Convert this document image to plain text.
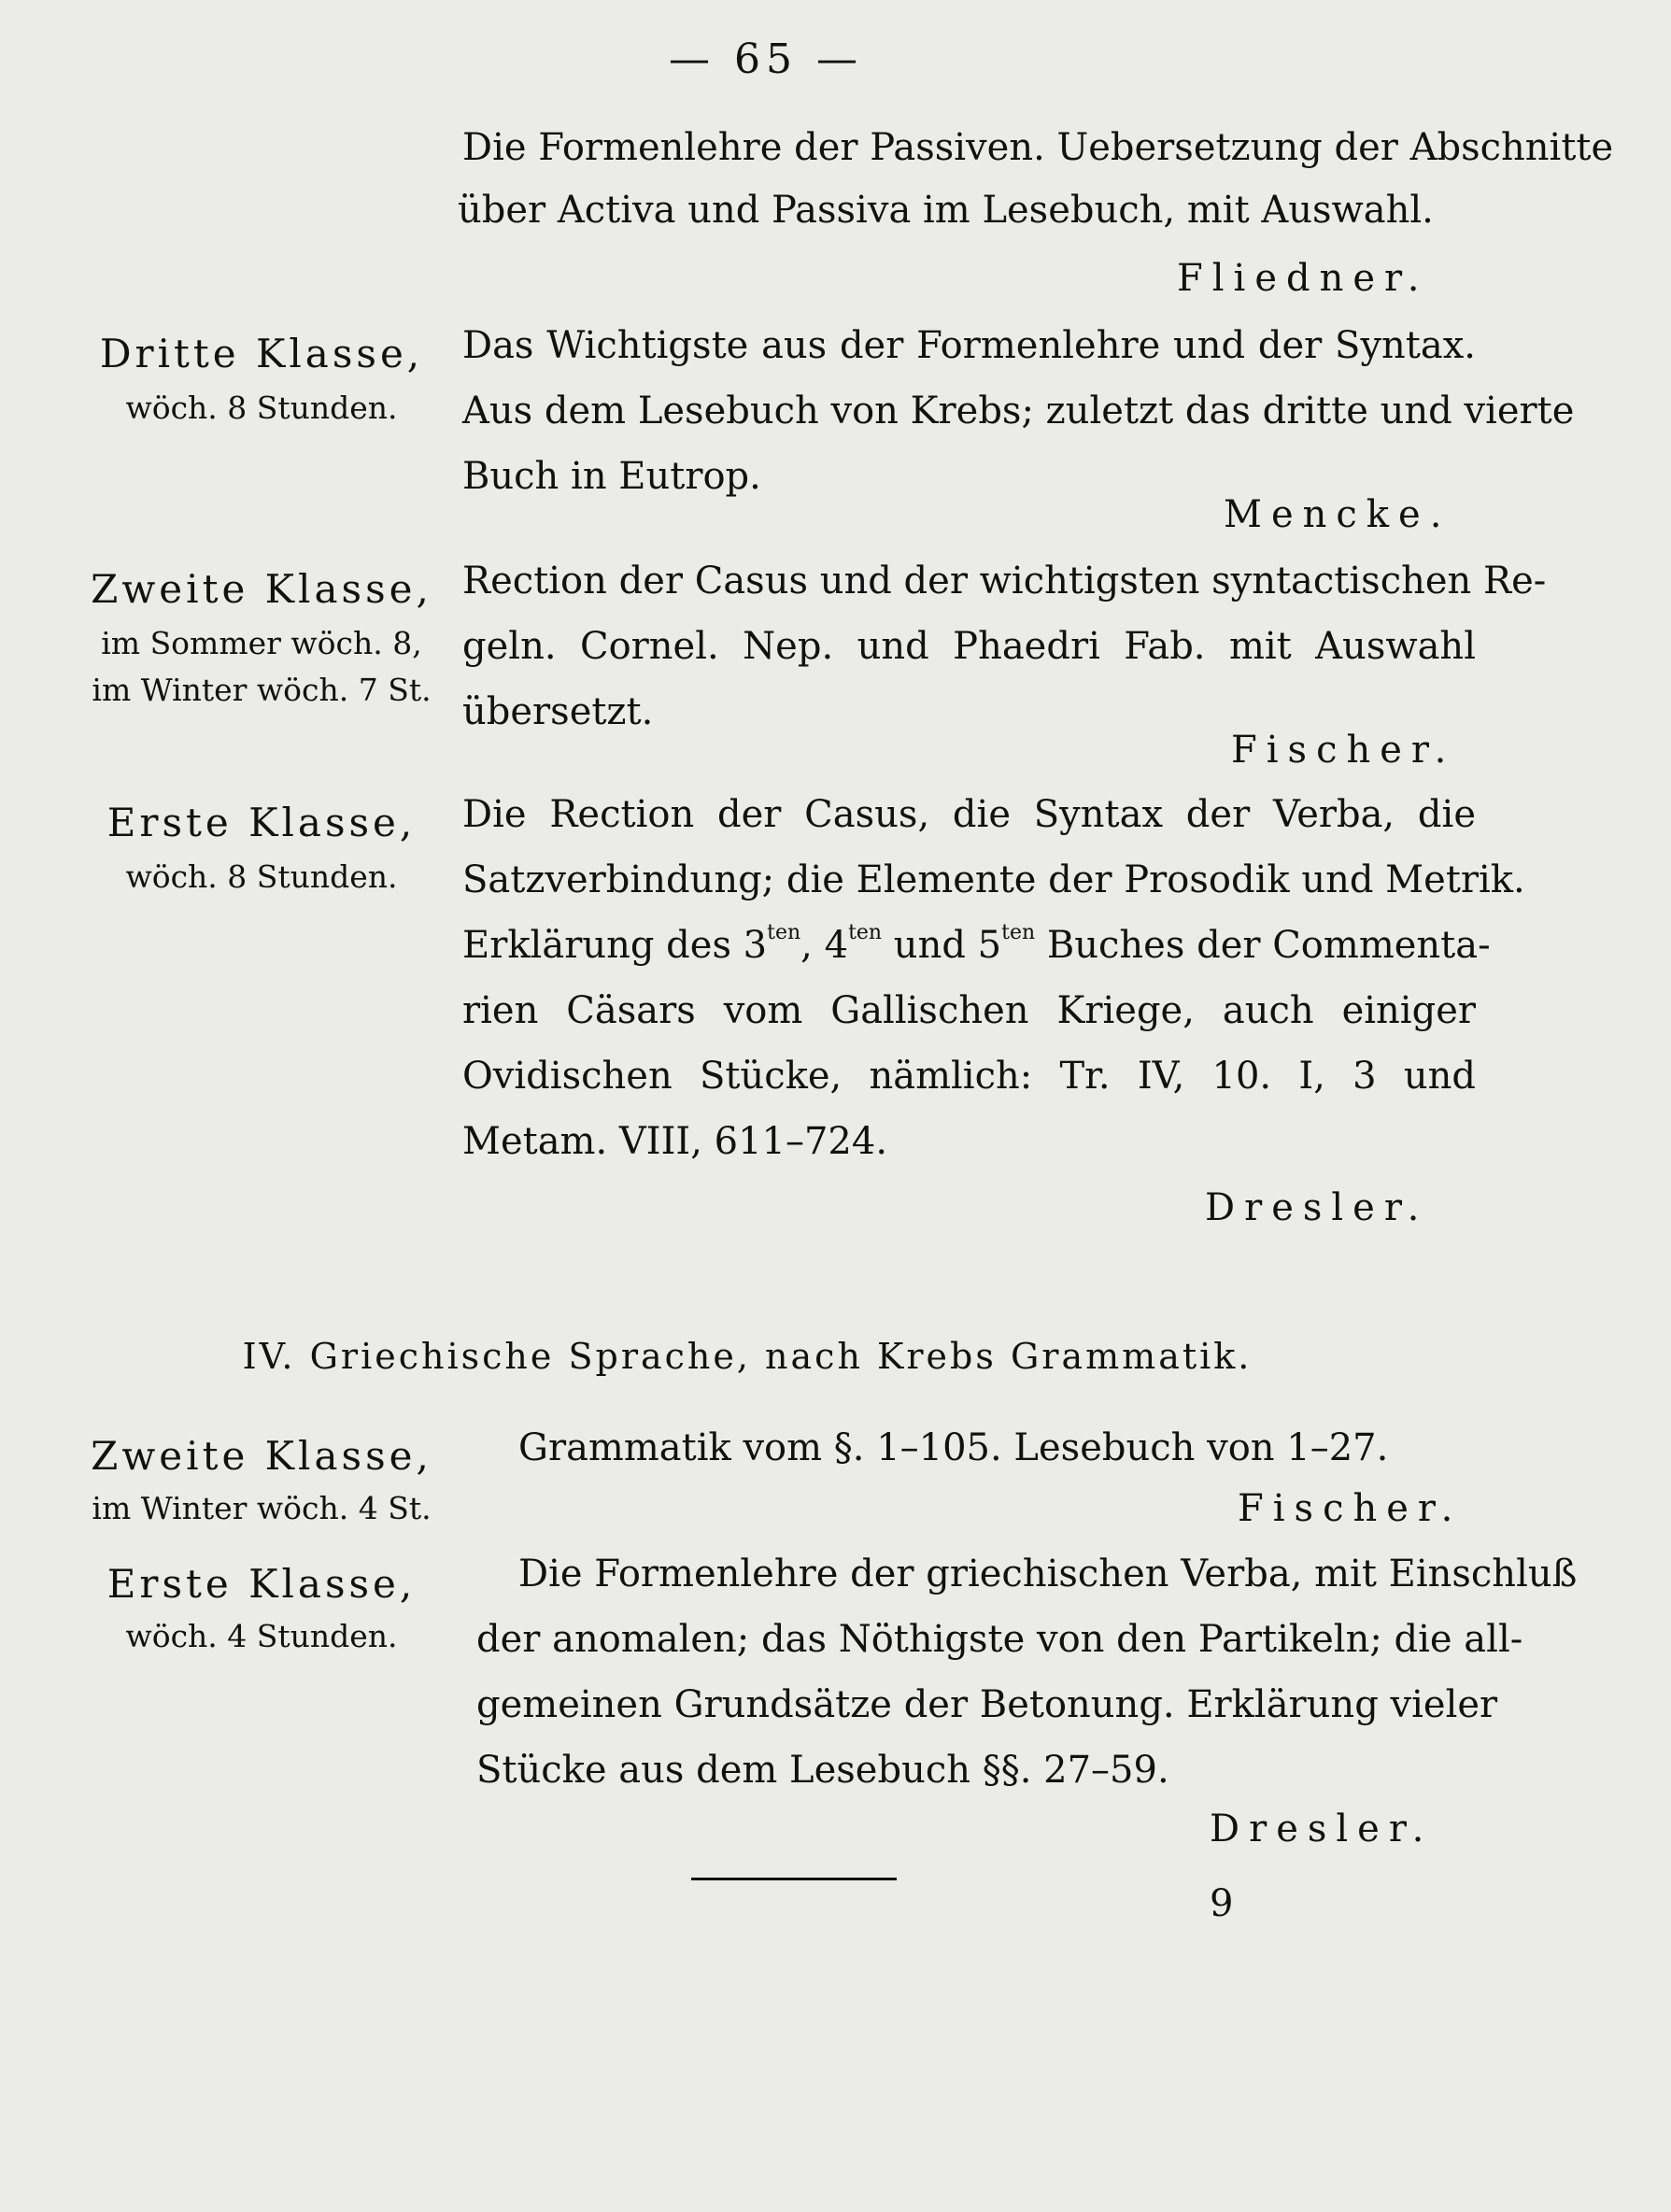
— 65 —
Die Formenlehre der Passiven. Uebersetzung der Abschnitte
über Activa und Passiva im Lesebuch, mit Auswahl.
Fliedner.
Dritte Klasse,
wöch. 8 Stunden.
Das Wichtigste aus der Formenlehre und der Syntax.
Aus dem Lesebuch von Krebs; zuletzt das dritte und vierte
Buch in Eutrop.
Mencke.
Zweite Klasse,
im Sommer wöch. 8,
im Winter wöch. 7 St.
Rection der Casus und der wichtigsten syntactischen Re-
geln. Cornel. Nep. und Phaedri Fab. mit Auswahl
übersetzt.
Fischer.
Erste Klasse,
wöch. 8 Stunden.
Die Rection der Casus, die Syntax der Verba, die
Satzverbindung; die Elemente der Prosodik und Metrik.
Erklärung des $3^{ten}$, $4^{ten}$ und $5^{ten}$ Buches der Commenta-
rien Cäsars vom Gallischen Kriege, auch einiger
Ovidischen Stücke, nämlich: Tr. IV, 10. I, 3 und
Metam. VIII, 611–724.
Dresler.
IV. Griechische Sprache, nach Krebs Grammatik.
Zweite Klasse,
im Winter wöch. 4 St.
Grammatik vom §. 1–105. Lesebuch von 1–27.
Fischer.
Erste Klasse,
wöch. 4 Stunden.
Die Formenlehre der griechischen Verba, mit Einschluß
der anomalen; das Nöthigste von den Partikeln; die all-
gemeinen Grundsätze der Betonung. Erklärung vieler
Stücke aus dem Lesebuch §§. 27–59.
Dresler.
9
